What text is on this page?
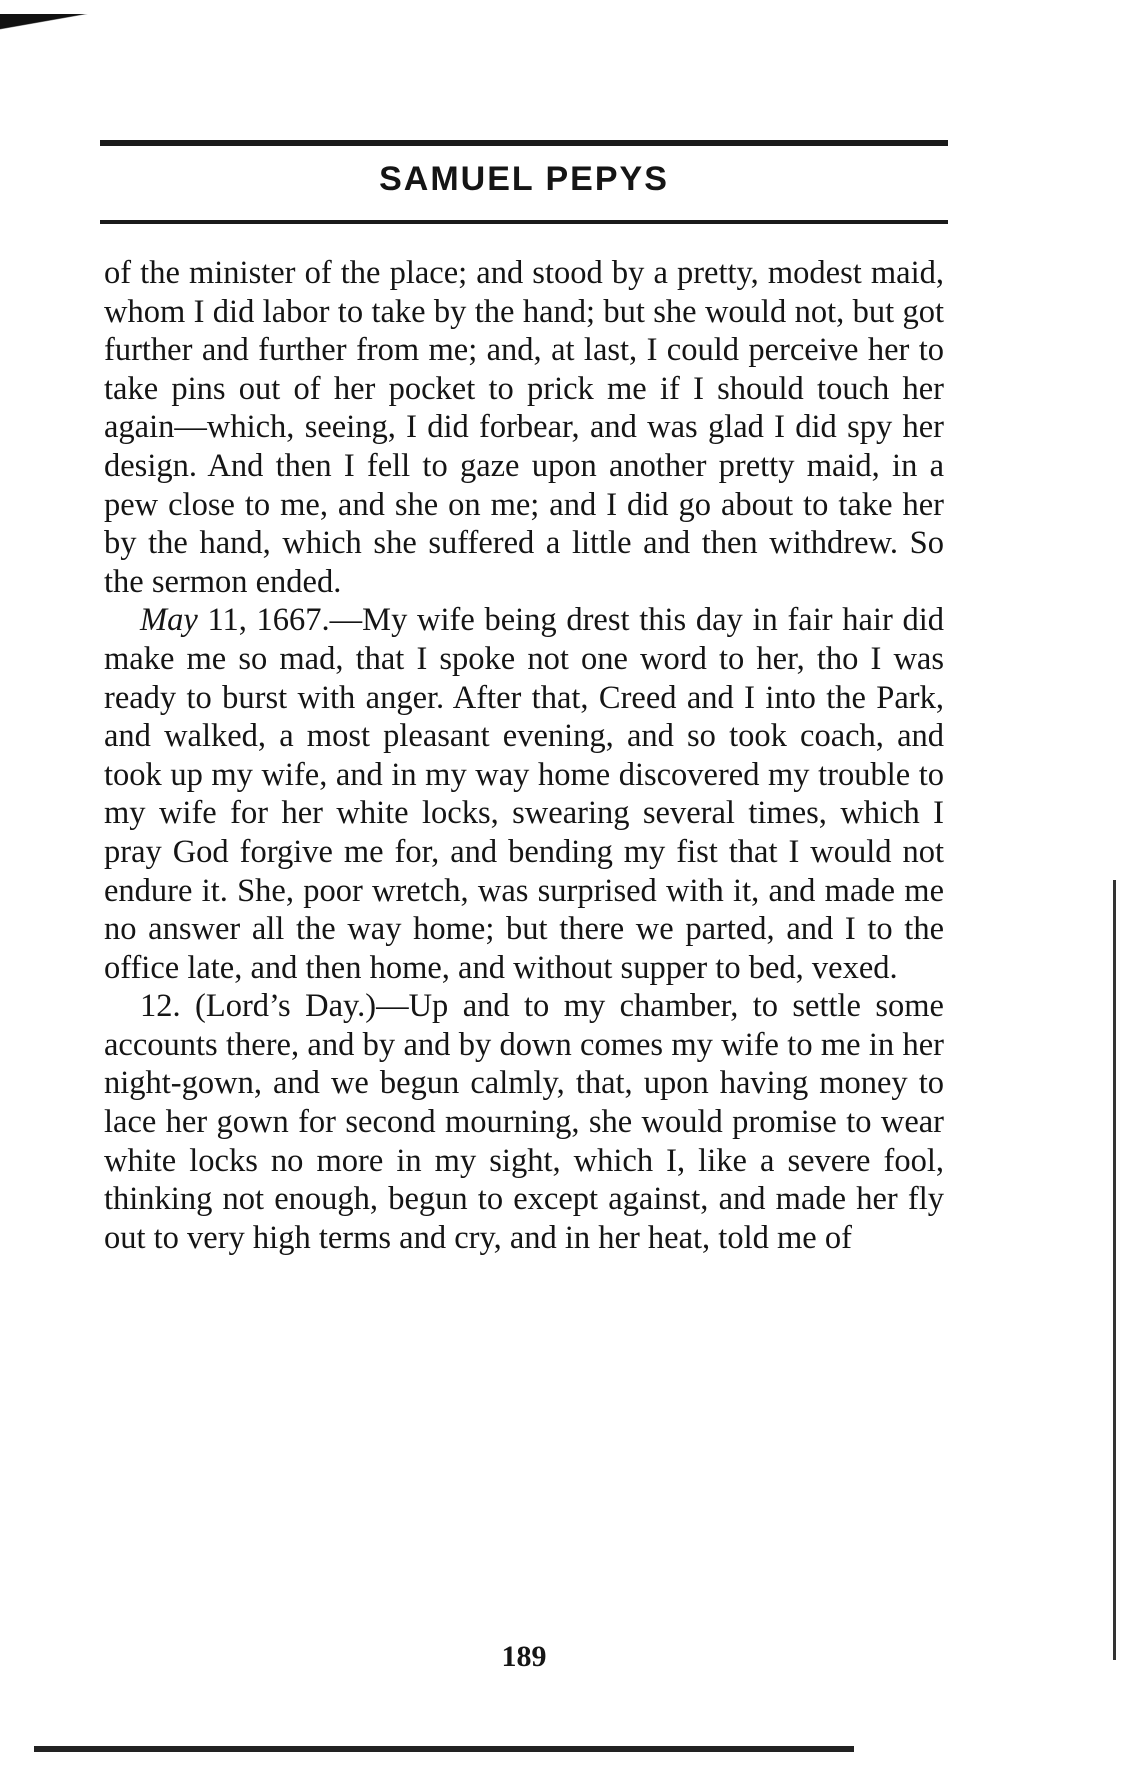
SAMUEL PEPYS

of the minister of the place; and stood by a pretty, modest maid, whom I did labor to take by the hand; but she would not, but got further and further from me; and, at last, I could perceive her to take pins out of her pocket to prick me if I should touch her again—which, seeing, I did forbear, and was glad I did spy her design. And then I fell to gaze upon another pretty maid, in a pew close to me, and she on me; and I did go about to take her by the hand, which she suffered a little and then withdrew. So the sermon ended.

May 11, 1667.—My wife being drest this day in fair hair did make me so mad, that I spoke not one word to her, tho I was ready to burst with anger. After that, Creed and I into the Park, and walked, a most pleasant evening, and so took coach, and took up my wife, and in my way home discovered my trouble to my wife for her white locks, swearing several times, which I pray God forgive me for, and bending my fist that I would not endure it. She, poor wretch, was surprised with it, and made me no answer all the way home; but there we parted, and I to the office late, and then home, and without supper to bed, vexed.

12. (Lord’s Day.)—Up and to my chamber, to settle some accounts there, and by and by down comes my wife to me in her night-gown, and we begun calmly, that, upon having money to lace her gown for second mourning, she would promise to wear white locks no more in my sight, which I, like a severe fool, thinking not enough, begun to except against, and made her fly out to very high terms and cry, and in her heat, told me of

189
